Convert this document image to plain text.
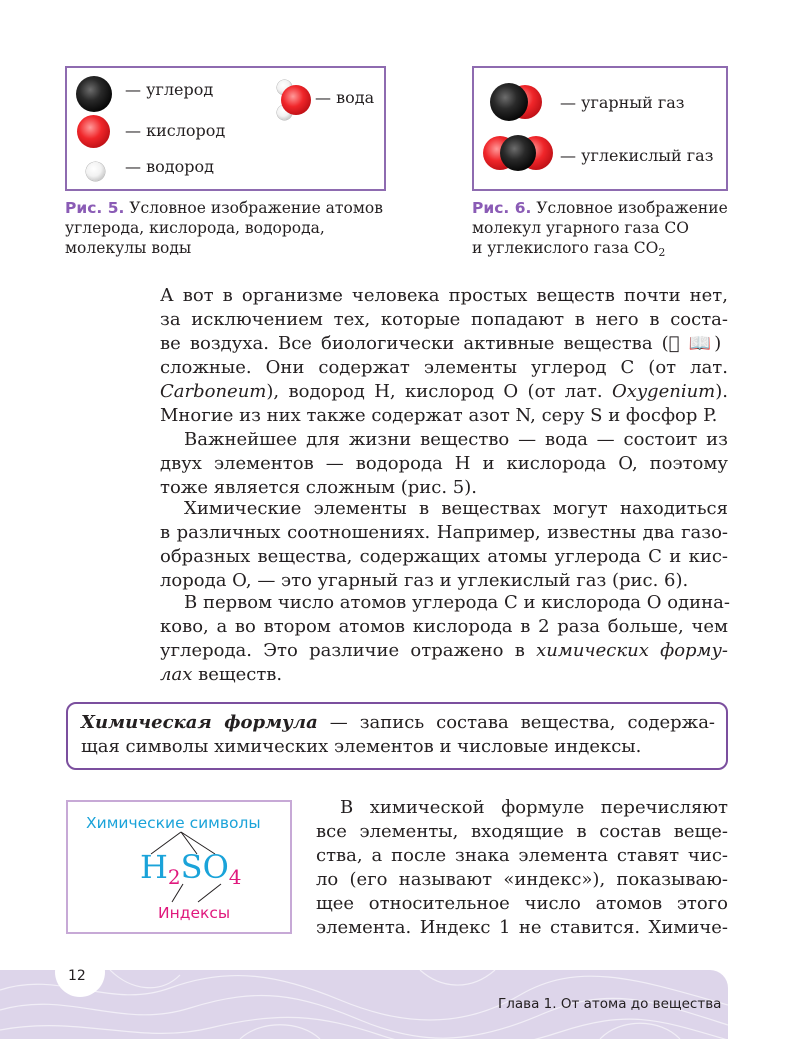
— углерод
— кислород
— водород
— вода
Рис. 5. Условное изображение атомов
углерода, кислорода, водорода,
молекулы воды
— угарный газ
— углекислый газ
Рис. 6. Условное изображение
молекул угарного газа CO
и углекислого газа $CO_2$
А вот в организме человека простых веществ почти нет,
за исключением тех, которые попадают в него в соста-
ве воздуха. Все биологически активные вещества (⃞ 📖)
сложные. Они содержат элементы углерод C (от лат.
Carboneum), водород H, кислород O (от лат. Oxygenium).
Многие из них также содержат азот N, серу S и фосфор P.
Важнейшее для жизни вещество — вода — состоит из
двух элементов — водорода H и кислорода O, поэтому
тоже является сложным (рис. 5).
Химические элементы в веществах могут находиться
в различных соотношениях. Например, известны два газо-
образных вещества, содержащих атомы углерода C и кис-
лорода O, — это угарный газ и углекислый газ (рис. 6).
В первом число атомов углерода C и кислорода O одина-
ково, а во втором атомов кислорода в 2 раза больше, чем
углерода. Это различие отражено в химических форму-
лах веществ.
Химическая формула — запись состава вещества, содержа-
щая символы химических элементов и числовые индексы.
Химические символы
H2SO4
Индексы
В химической формуле перечисляют
все элементы, входящие в состав веще-
ства, а после знака элемента ставят чис-
ло (его называют «индекс»), показываю-
щее относительное число атомов этого
элемента. Индекс 1 не ставится. Химиче-
12
Глава 1. От атома до вещества
